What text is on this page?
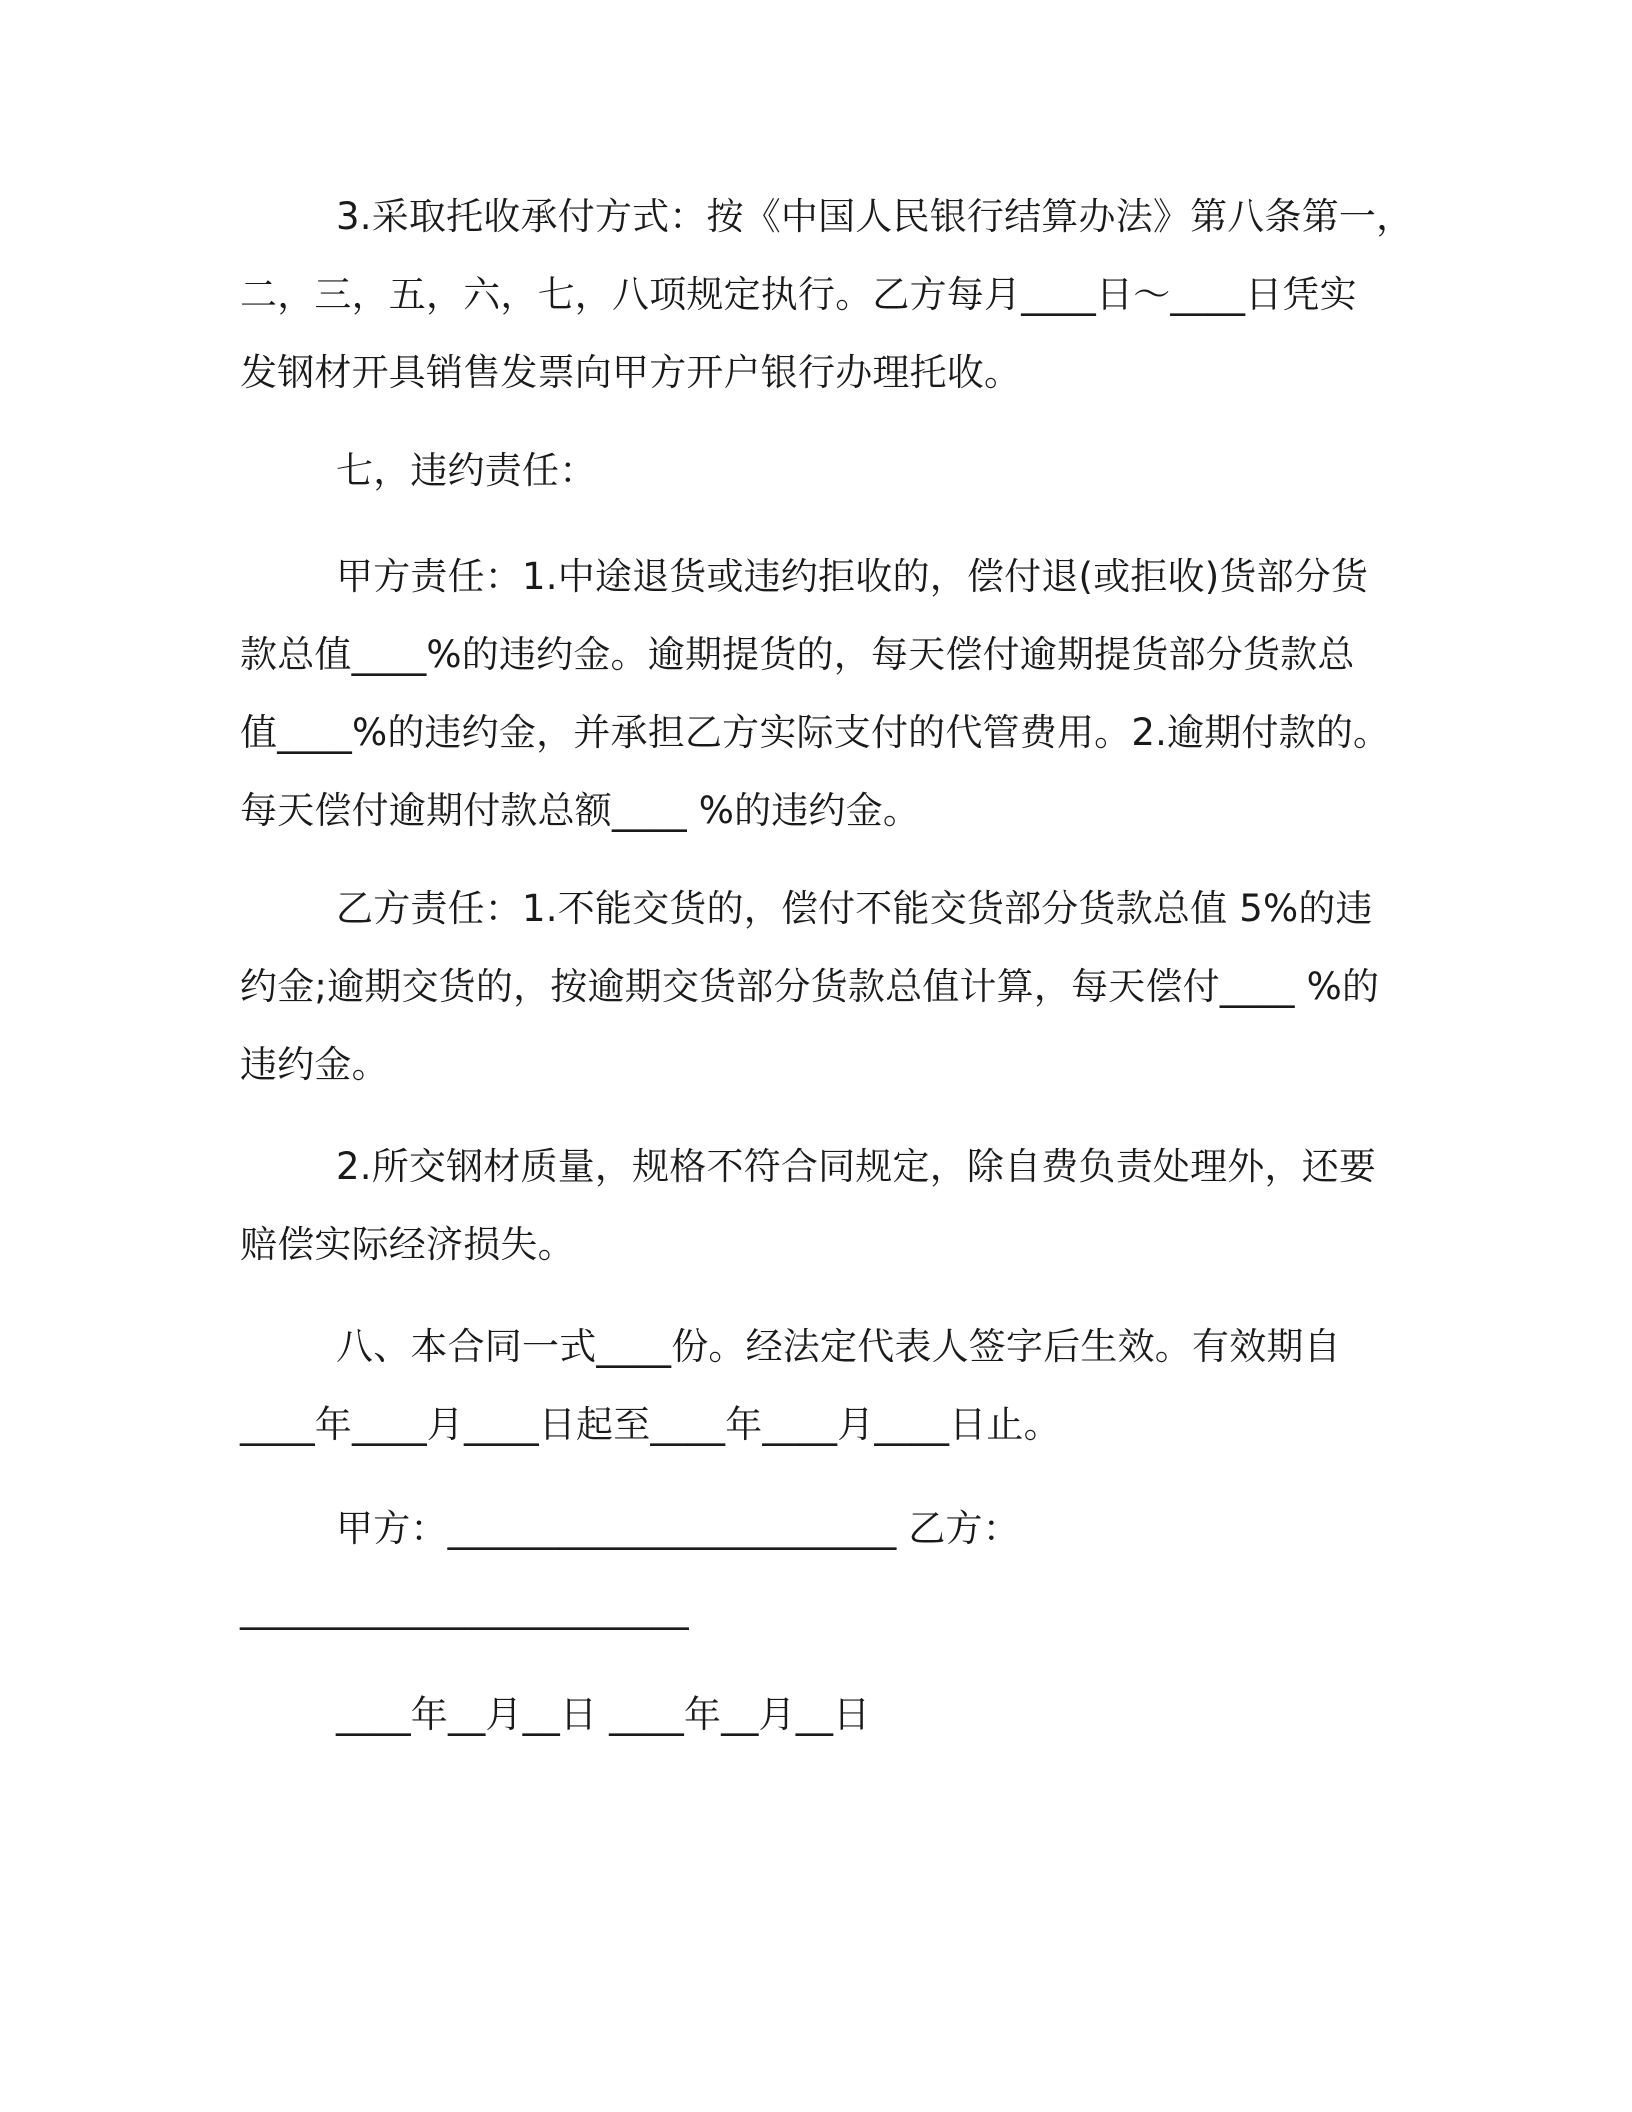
3.采取托收承付方式：按《中国人民银行结算办法》第八条第一，
二，三，五，六，七，八项规定执行。乙方每月____日～____日凭实
发钢材开具销售发票向甲方开户银行办理托收。
七，违约责任：
甲方责任：1.中途退货或违约拒收的，偿付退(或拒收)货部分货
款总值____%的违约金。逾期提货的，每天偿付逾期提货部分货款总
值____%的违约金，并承担乙方实际支付的代管费用。2.逾期付款的。
每天偿付逾期付款总额____ %的违约金。
乙方责任：1.不能交货的，偿付不能交货部分货款总值 5%的违
约金;逾期交货的，按逾期交货部分货款总值计算，每天偿付____ %的
违约金。
2.所交钢材质量，规格不符合同规定，除自费负责处理外，还要
赔偿实际经济损失。
八、本合同一式____份。经法定代表人签字后生效。有效期自
____年____月____日起至____年____月____日止。

甲方：________________________ 乙方：

________________________

____年__月__日 ____年__月__日
